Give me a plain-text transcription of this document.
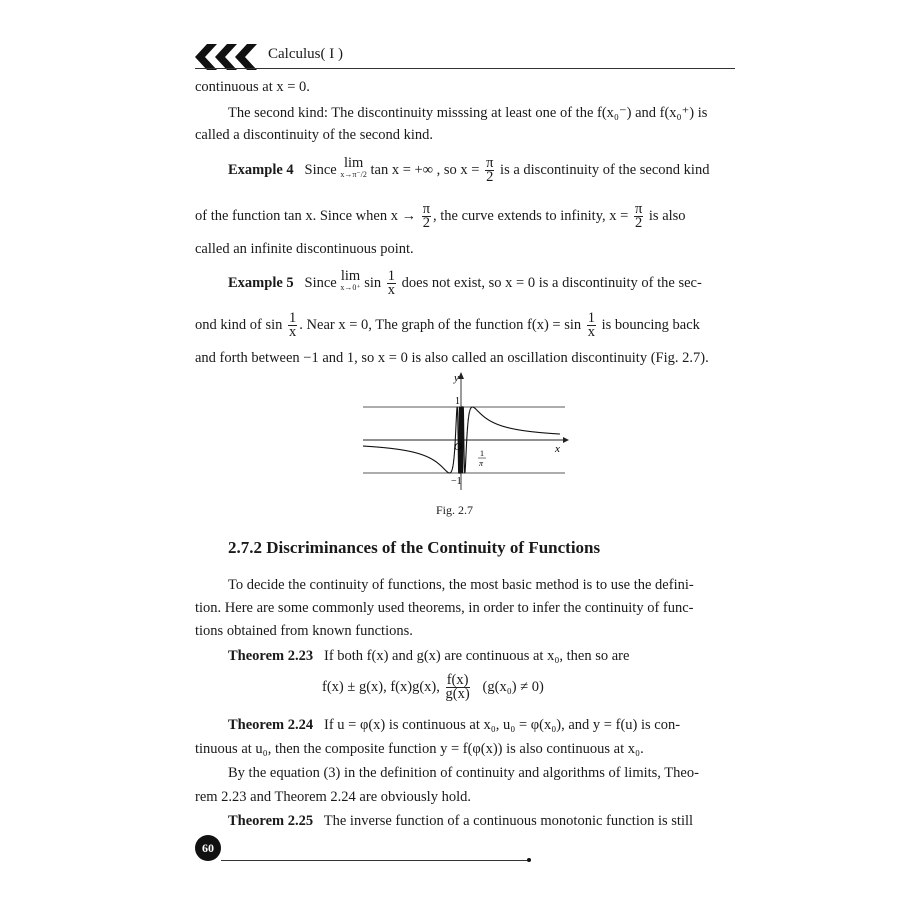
Calculus( I )
continuous at x = 0.
The second kind: The discontinuity misssing at least one of the f(x₀⁻) and f(x₀⁺) is
called a discontinuity of the second kind.
Example 4 Since lim
x→π⁻/2 tan x = +∞ , so $x = \frac{\pi}{2}$ is a discontinuity of the second kind
of the function tan x. Since when $x \to \frac{\pi}{2}$ , the curve extends to infinity, $x = \frac{\pi}{2}$ is also
called an infinite discontinuous point.
Example 5 Since lim
x→0⁺ $\sin \frac{1}{x}$ does not exist, so x = 0 is a discontinuity of the sec-
ond kind of $\sin \frac{1}{x}$ . Near x = 0, The graph of the function $f(x) = \sin \frac{1}{x}$ is bouncing back
and forth between −1 and 1, so x = 0 is also called an oscillation discontinuity (Fig. 2.7).
y
x
1
−1
O
1
π
Fig. 2.7
2.7.2 Discriminances of the Continuity of Functions
To decide the continuity of functions, the most basic method is to use the defini-
tion. Here are some commonly used theorems, in order to infer the continuity of func-
tions obtained from known functions.
Theorem 2.23 If both f(x) and g(x) are continuous at x₀, then so are
f(x) ± g(x), f(x)g(x), $\frac{f(x)}{g(x)} (g(x_0) \ne 0)$
Theorem 2.24 If u = φ(x) is continuous at x₀, u₀ = φ(x₀), and y = f(u) is con-
tinuous at u₀, then the composite function y = f(φ(x)) is also continuous at x₀.
By the equation (3) in the definition of continuity and algorithms of limits, Theo-
rem 2.23 and Theorem 2.24 are obviously hold.
Theorem 2.25 The inverse function of a continuous monotonic function is still
60
